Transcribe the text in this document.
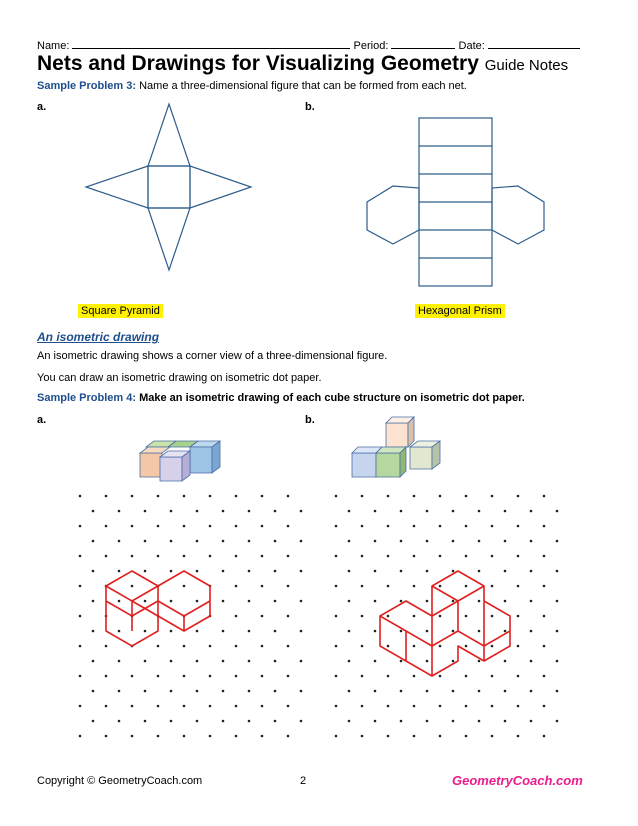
Name:	Period:	Date:
Nets and Drawings for Visualizing Geometry Guide Notes
Sample Problem 3: Name a three-dimensional figure that can be formed from each net.
a.	b.
Square Pyramid	Hexagonal Prism
An isometric drawing
An isometric drawing shows a corner view of a three-dimensional figure.
You can draw an isometric drawing on isometric dot paper.
Sample Problem 4: Make an isometric drawing of each cube structure on isometric dot paper.
a.	b.
Copyright © GeometryCoach.com	2	GeometryCoach.com
